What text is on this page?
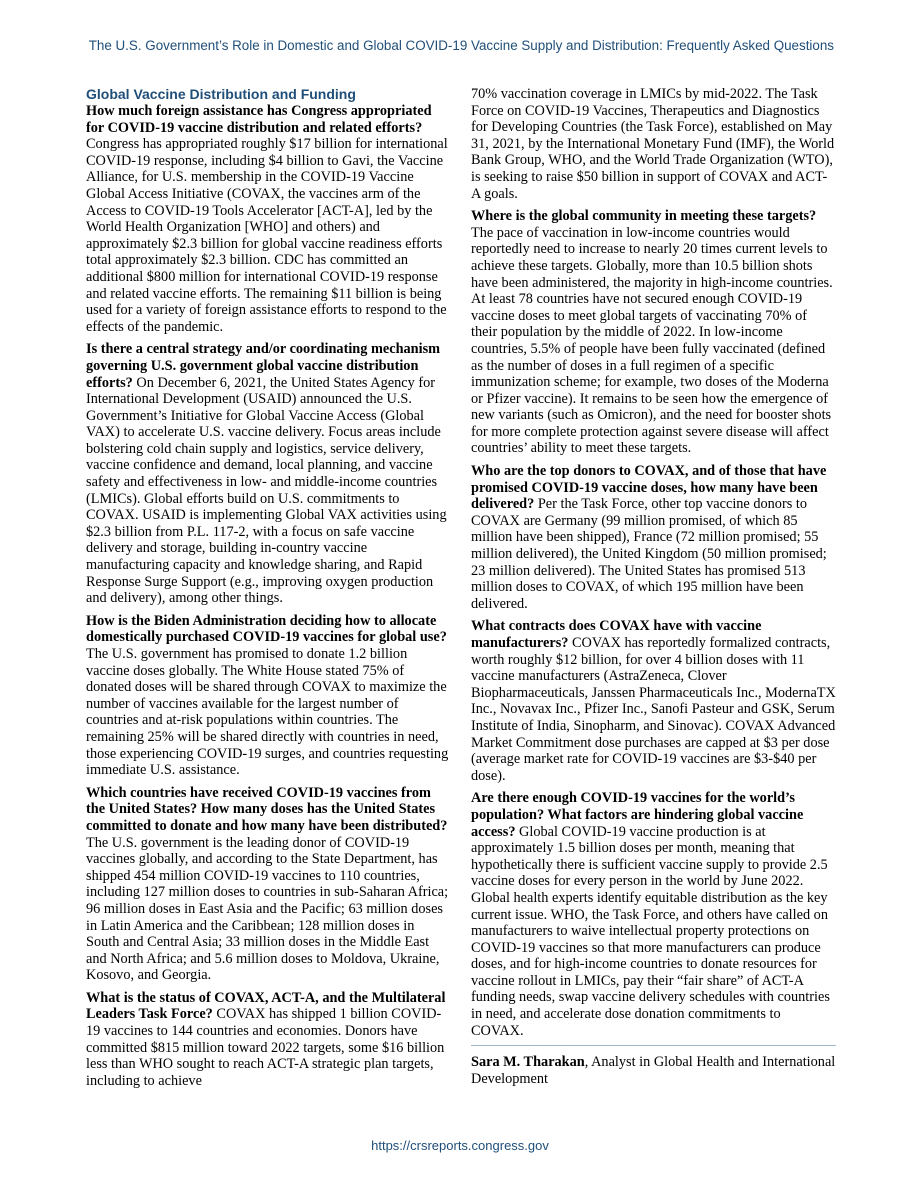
The U.S. Government’s Role in Domestic and Global COVID-19 Vaccine Supply and Distribution: Frequently Asked Questions
Global Vaccine Distribution and Funding

How much foreign assistance has Congress appropriated for COVID-19 vaccine distribution and related efforts? Congress has appropriated roughly $17 billion for international COVID-19 response, including $4 billion to Gavi, the Vaccine Alliance, for U.S. membership in the COVID-19 Vaccine Global Access Initiative (COVAX, the vaccines arm of the Access to COVID-19 Tools Accelerator [ACT-A], led by the World Health Organization [WHO] and others) and approximately $2.3 billion for global vaccine readiness efforts total approximately $2.3 billion. CDC has committed an additional $800 million for international COVID-19 response and related vaccine efforts. The remaining $11 billion is being used for a variety of foreign assistance efforts to respond to the effects of the pandemic.

Is there a central strategy and/or coordinating mechanism governing U.S. government global vaccine distribution efforts? On December 6, 2021, the United States Agency for International Development (USAID) announced the U.S. Government’s Initiative for Global Vaccine Access (Global VAX) to accelerate U.S. vaccine delivery. Focus areas include bolstering cold chain supply and logistics, service delivery, vaccine confidence and demand, local planning, and vaccine safety and effectiveness in low- and middle-income countries (LMICs). Global efforts build on U.S. commitments to COVAX. USAID is implementing Global VAX activities using $2.3 billion from P.L. 117-2, with a focus on safe vaccine delivery and storage, building in-country vaccine manufacturing capacity and knowledge sharing, and Rapid Response Surge Support (e.g., improving oxygen production and delivery), among other things.

How is the Biden Administration deciding how to allocate domestically purchased COVID-19 vaccines for global use? The U.S. government has promised to donate 1.2 billion vaccine doses globally. The White House stated 75% of donated doses will be shared through COVAX to maximize the number of vaccines available for the largest number of countries and at-risk populations within countries. The remaining 25% will be shared directly with countries in need, those experiencing COVID-19 surges, and countries requesting immediate U.S. assistance.

Which countries have received COVID-19 vaccines from the United States? How many doses has the United States committed to donate and how many have been distributed? The U.S. government is the leading donor of COVID-19 vaccines globally, and according to the State Department, has shipped 454 million COVID-19 vaccines to 110 countries, including 127 million doses to countries in sub-Saharan Africa; 96 million doses in East Asia and the Pacific; 63 million doses in Latin America and the Caribbean; 128 million doses in South and Central Asia; 33 million doses in the Middle East and North Africa; and 5.6 million doses to Moldova, Ukraine, Kosovo, and Georgia.

What is the status of COVAX, ACT-A, and the Multilateral Leaders Task Force? COVAX has shipped 1 billion COVID-19 vaccines to 144 countries and economies. Donors have committed $815 million toward 2022 targets, some $16 billion less than WHO sought to reach ACT-A strategic plan targets, including to achieve

70% vaccination coverage in LMICs by mid-2022. The Task Force on COVID-19 Vaccines, Therapeutics and Diagnostics for Developing Countries (the Task Force), established on May 31, 2021, by the International Monetary Fund (IMF), the World Bank Group, WHO, and the World Trade Organization (WTO), is seeking to raise $50 billion in support of COVAX and ACT-A goals.

Where is the global community in meeting these targets? The pace of vaccination in low-income countries would reportedly need to increase to nearly 20 times current levels to achieve these targets. Globally, more than 10.5 billion shots have been administered, the majority in high-income countries. At least 78 countries have not secured enough COVID-19 vaccine doses to meet global targets of vaccinating 70% of their population by the middle of 2022. In low-income countries, 5.5% of people have been fully vaccinated (defined as the number of doses in a full regimen of a specific immunization scheme; for example, two doses of the Moderna or Pfizer vaccine). It remains to be seen how the emergence of new variants (such as Omicron), and the need for booster shots for more complete protection against severe disease will affect countries’ ability to meet these targets.

Who are the top donors to COVAX, and of those that have promised COVID-19 vaccine doses, how many have been delivered? Per the Task Force, other top vaccine donors to COVAX are Germany (99 million promised, of which 85 million have been shipped), France (72 million promised; 55 million delivered), the United Kingdom (50 million promised; 23 million delivered). The United States has promised 513 million doses to COVAX, of which 195 million have been delivered.

What contracts does COVAX have with vaccine manufacturers? COVAX has reportedly formalized contracts, worth roughly $12 billion, for over 4 billion doses with 11 vaccine manufacturers (AstraZeneca, Clover Biopharmaceuticals, Janssen Pharmaceuticals Inc., ModernaTX Inc., Novavax Inc., Pfizer Inc., Sanofi Pasteur and GSK, Serum Institute of India, Sinopharm, and Sinovac). COVAX Advanced Market Commitment dose purchases are capped at $3 per dose (average market rate for COVID-19 vaccines are $3-$40 per dose).

Are there enough COVID-19 vaccines for the world’s population? What factors are hindering global vaccine access? Global COVID-19 vaccine production is at approximately 1.5 billion doses per month, meaning that hypothetically there is sufficient vaccine supply to provide 2.5 vaccine doses for every person in the world by June 2022. Global health experts identify equitable distribution as the key current issue. WHO, the Task Force, and others have called on manufacturers to waive intellectual property protections on COVID-19 vaccines so that more manufacturers can produce doses, and for high-income countries to donate resources for vaccine rollout in LMICs, pay their “fair share” of ACT-A funding needs, swap vaccine delivery schedules with countries in need, and accelerate dose donation commitments to COVAX.

Sara M. Tharakan, Analyst in Global Health and International Development

https://crsreports.congress.gov
